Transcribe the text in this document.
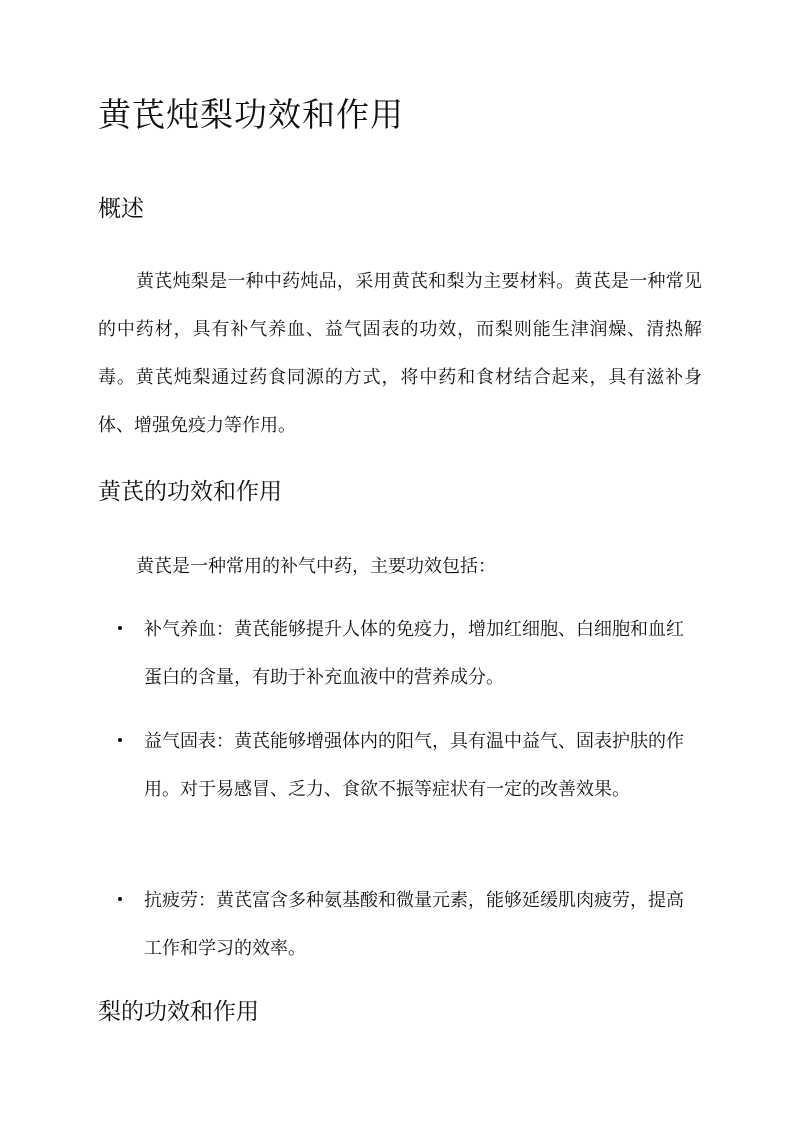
黄芪炖梨功效和作用
概述

黄芪炖梨是一种中药炖品，采用黄芪和梨为主要材料。黄芪是一种常见的中药材，具有补气养血、益气固表的功效，而梨则能生津润燥、清热解毒。黄芪炖梨通过药食同源的方式，将中药和食材结合起来，具有滋补身体、增强免疫力等作用。

黄芪的功效和作用

黄芪是一种常用的补气中药，主要功效包括：

补气养血：黄芪能够提升人体的免疫力，增加红细胞、白细胞和血红蛋白的含量，有助于补充血液中的营养成分。
益气固表：黄芪能够增强体内的阳气，具有温中益气、固表护肤的作用。对于易感冒、乏力、食欲不振等症状有一定的改善效果。
抗疲劳：黄芪富含多种氨基酸和微量元素，能够延缓肌肉疲劳，提高工作和学习的效率。
梨的功效和作用
